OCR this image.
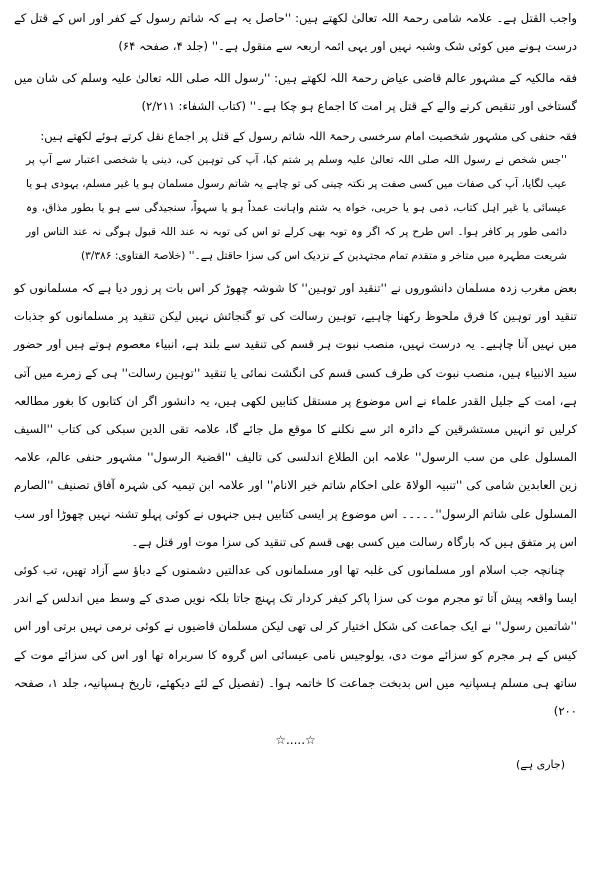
واجب القتل ہے۔ علامہ شامی رحمۃ اللہ تعالیٰ لکھتے ہیں: ''حاصل یہ ہے کہ شاتم رسول کے کفر اور اس کے قتل کے درست ہونے میں کوئی شک وشبہ نہیں اور یہی ائمہ اربعہ سے منقول ہے۔'' (جلد ۴، صفحہ ۶۴)

فقہ مالکیہ کے مشہور عالم قاضی عیاض رحمۃ اللہ لکھتے ہیں: ''رسول اللہ صلی اللہ تعالیٰ علیہ وسلم کی شان میں گستاخی اور تنقیص کرنے والے کے قتل پر امت کا اجماع ہو چکا ہے۔'' (کتاب الشفاء: ۲/۲۱۱)

فقہ حنفی کی مشہور شخصیت امام سرخسی رحمۃ اللہ شاتم رسول کے قتل پر اجماع نقل کرتے ہوئے لکھتے ہیں:

''جس شخص نے رسول اللہ صلی اللہ تعالیٰ علیہ وسلم پر شتم کیا، آپ کی توہین کی، دینی یا شخصی اعتبار سے آپ پر عیب لگایا، آپ کی صفات میں کسی صفت پر نکتہ چینی کی تو چاہے یہ شاتم رسول مسلمان ہو یا غیر مسلم، یہودی ہو یا عیسائی یا غیر اہل کتاب، ذمی ہو یا حربی، خواہ یہ شتم واہانت عمداً ہو یا سہواً، سنجیدگی سے ہو یا بطور مذاق، وہ دائمی طور پر کافر ہوا۔ اس طرح پر کہ اگر وہ توبہ بھی کرلے تو اس کی توبہ نہ عند اللہ قبول ہوگی نہ عند الناس اور شریعت مطہرہ میں متاخر و متقدم تمام مجتہدین کے نزدیک اس کی سزا حاقتل ہے۔'' (خلاصۃ الفتاوی: ۳/۳۸۶)

بعض مغرب زدہ مسلمان دانشوروں نے ''تنقید اور توہین'' کا شوشہ چھوڑ کر اس بات پر زور دیا ہے کہ مسلمانوں کو تنقید اور توہین کا فرق ملحوظ رکھنا چاہیے، توہین رسالت کی تو گنجائش نہیں لیکن تنقید پر مسلمانوں کو جذبات میں نہیں آنا چاہیے۔ یہ درست نہیں، منصب نبوت ہر قسم کی تنقید سے بلند ہے، انبیاء معصوم ہوتے ہیں اور حضور سید الانبیاء ہیں، منصب نبوت کی طرف کسی قسم کی انگشت نمائی یا تنقید ''توہین رسالت'' ہی کے زمرے میں آتی ہے، امت کے جلیل القدر علماء نے اس موضوع پر مستقل کتابیں لکھی ہیں، یہ دانشور اگر ان کتابوں کا بغور مطالعہ کرلیں تو انہیں مستشرقین کے دائرہ اثر سے نکلنے کا موقع مل جائے گا، علامہ تقی الدین سبکی کی کتاب ''السیف المسلول علی من سب الرسول'' علامہ ابن الطلاع اندلسی کی تالیف ''اقضیۃ الرسول'' مشہور حنفی عالم، علامہ زین العابدین شامی کی ''تنبیہ الولاۃ علی احکام شاتم خیر الانام'' اور علامہ ابن تیمیہ کی شہرہ آفاق تصنیف ''الصارم المسلول علی شاتم الرسول''۔۔۔۔۔ اس موضوع پر ایسی کتابیں ہیں جنہوں نے کوئی پہلو تشنہ نہیں چھوڑا اور سب اس پر متفق ہیں کہ بارگاہ رسالت میں کسی بھی قسم کی تنقید کی سزا موت اور قتل ہے۔

چنانچہ جب اسلام اور مسلمانوں کی غلبہ تھا اور مسلمانوں کی عدالتیں دشمنوں کے دباؤ سے آزاد تھیں، تب کوئی ایسا واقعہ پیش آتا تو مجرم موت کی سزا پاکر کیفر کردار تک پہنچ جاتا بلکہ نویں صدی کے وسط میں اندلس کے اندر ''شاتمین رسول'' نے ایک جماعت کی شکل اختیار کر لی تھی لیکن مسلمان قاضیوں نے کوئی نرمی نہیں برتی اور اس کیس کے ہر مجرم کو سزائے موت دی، یولوجیس نامی عیسائی اس گروہ کا سربراہ تھا اور اس کی سزائے موت کے ساتھ ہی مسلم ہسپانیہ میں اس بدبخت جماعت کا خاتمہ ہوا۔ (تفصیل کے لئے دیکھئے، تاریخ ہسپانیہ، جلد ۱، صفحہ ۲۰۰)

☆.....☆
(جاری ہے)
